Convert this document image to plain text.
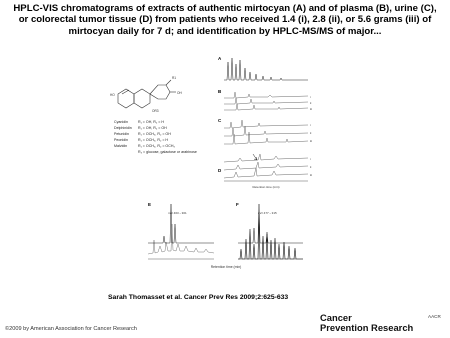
HPLC-VIS chromatograms of extracts of authentic mirtocyan (A) and of plasma (B), urine (C), or colorectal tumor tissue (D) from patients who received 1.4 (i), 2.8 (ii), or 5.6 grams (iii) of mirtocyan daily for 7 d; and identification by HPLC-MS/MS of major...
HO
R1
OH
OR3
Cyanidin	R₁ = OH, R₂ = H
Delphinidin R₁ = OH, R₂ = OH
Petunidin	R₁ = OCH₃, R₂ = OH
Peonidin	R₁ = OCH₃, R₂ = H
Malvidin	R₁ = OCH₃, R₂ = OCH₃
R₃ = glucose, galactose or arabinose
A
B
i
ii
iii
C
i
ii
iii
D
i
ii
iii
Retention time (min)
E
m/z 463→301
F
m/z 477→315
Retention time (min)
Sarah Thomasset et al. Cancer Prev Res 2009;2:625-633
©2009 by American Association for Cancer Research
Cancer
Prevention Research
AACR
